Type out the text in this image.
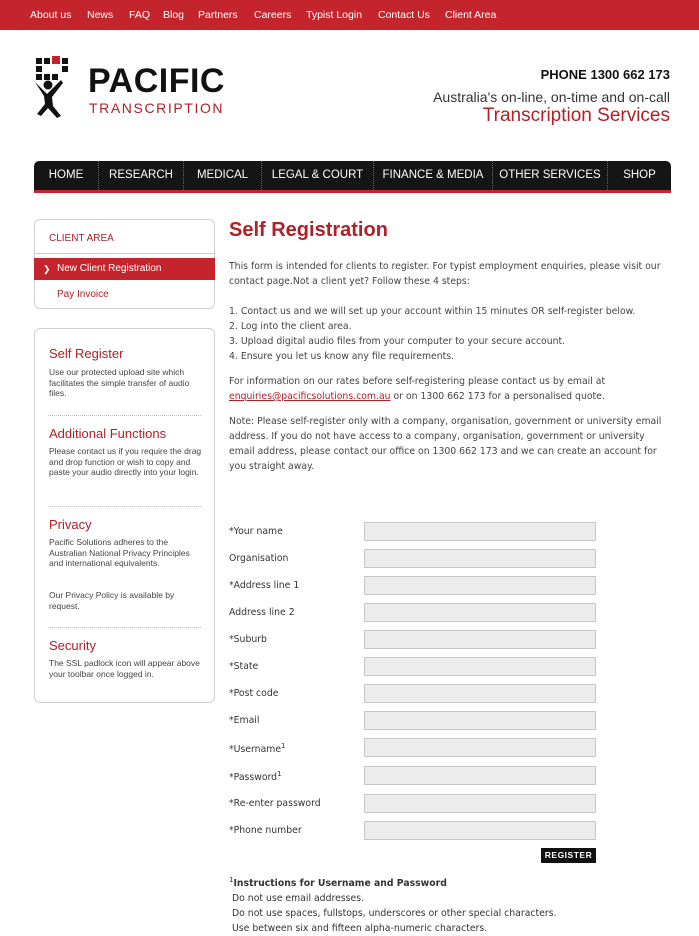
About us News FAQ Blog Partners Careers Typist Login Contact Us Client Area
PACIFIC
TRANSCRIPTION
PHONE 1300 662 173
Australia's on-line, on-time and on-call
Transcription Services
HOME	RESEARCH	MEDICAL	LEGAL & COURT	FINANCE & MEDIA	OTHER SERVICES	SHOP
CLIENT AREA
❯ New Client Registration
Pay Invoice
Self Register
Use our protected upload site which facilitates the simple transfer of audio files.
Additional Functions
Please contact us if you require the drag and drop function or wish to copy and paste your audio directly into your login.
Privacy
Pacific Solutions adheres to the Australian National Privacy Principles and international equivalents.
Our Privacy Policy is available by request.
Security
The SSL padlock icon will appear above your toolbar once logged in.
Self Registration

This form is intended for clients to register. For typist employment enquiries, please visit our contact page.Not a client yet? Follow these 4 steps:

1. Contact us and we will set up your account within 15 minutes OR self-register below.
2. Log into the client area.
3. Upload digital audio files from your computer to your secure account.
4. Ensure you let us know any file requirements.

For information on our rates before self-registering please contact us by email at
enquiries@pacificsolutions.com.au or on 1300 662 173 for a personalised quote.

Note: Please self-register only with a company, organisation, government or university email address. If you do not have access to a company, organisation, government or university email address, please contact our office on 1300 662 173 and we can create an account for you straight away.

*Your name
Organisation
*Address line 1
Address line 2
*Suburb
*State
*Post code
*Email
*Username$^1$
*Password$^1$
*Re-enter password
*Phone number
REGISTER
$^1$Instructions for Username and Password
Do not use email addresses.
Do not use spaces, fullstops, underscores or other special characters.
Use between six and fifteen alpha-numeric characters.
